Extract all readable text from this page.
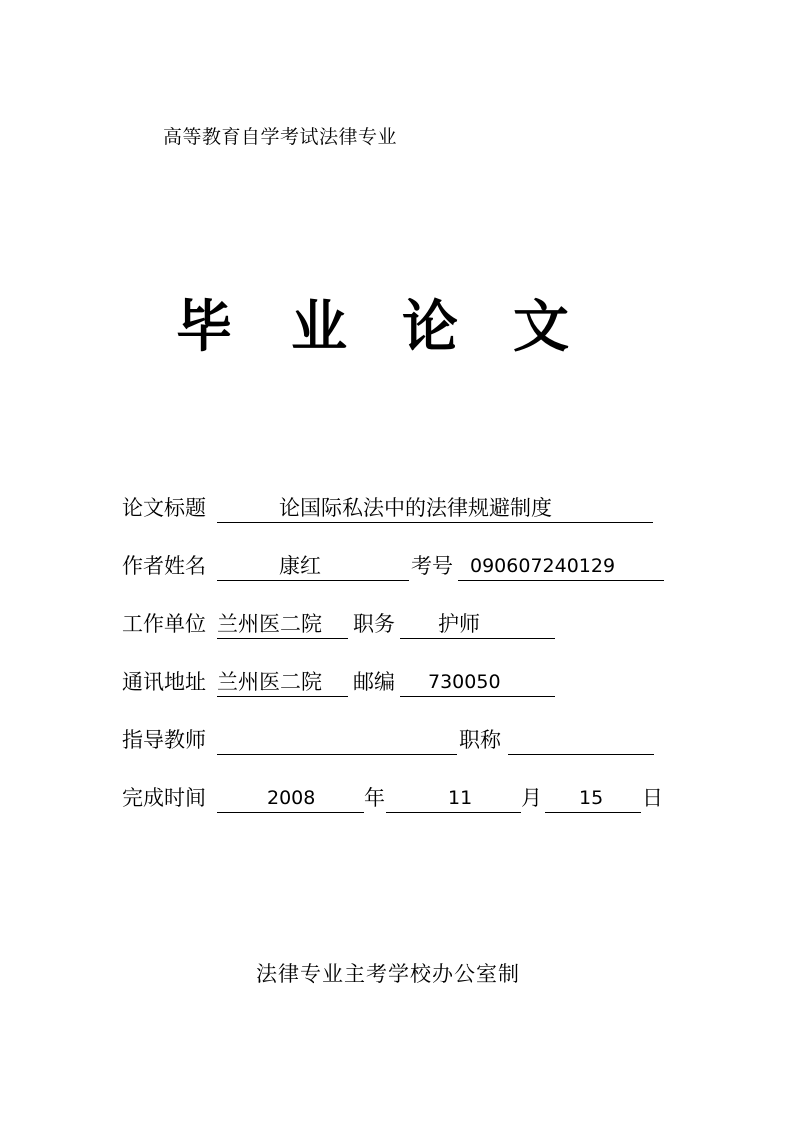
高等教育自学考试法律专业
毕 业 论 文
论文标题	论国际私法中的法律规避制度
作者姓名	康红	考号 090607240129
工作单位 兰州医二院 职务 护师
通讯地址 兰州医二院 邮编 730050
指导教师	职称
完成时间	2008 年	11 月 15 日
法律专业主考学校办公室制
